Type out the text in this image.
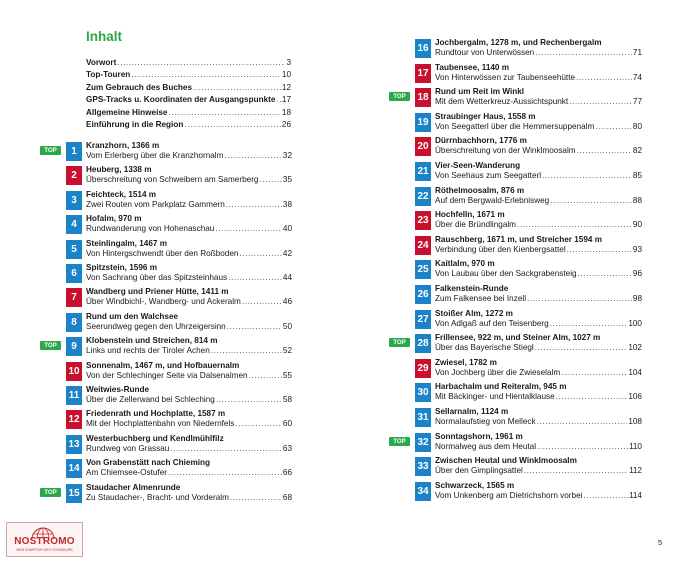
Inhalt
Vorwort .....	3
Top-Touren .....	10
Zum Gebrauch des Buches .....	12
GPS-Tracks u. Koordinaten der Ausgangspunkte ..... 17
Allgemeine Hinweise .....	18
Einführung in die Region .....	26
TOP	1
Kranzhorn, 1366 m
Vom Erlerberg über die Kranzhornalm .....	32
2
Heuberg, 1338 m
Überschreitung von Schweibern am Samerberg .....	35
3
Feichteck, 1514 m
Zwei Routen vom Parkplatz Gammern .....	38
4
Hofalm, 970 m
Rundwanderung von Hohenaschau .....	40
5
Steinlingalm, 1467 m
Von Hintergschwendt über den Roßboden .....	42
6
Spitzstein, 1596 m
Von Sachrang über das Spitzsteinhaus .....	44
7
Wandberg und Priener Hütte, 1411 m
Über Windbichl-, Wandberg- und Ackeralm .....	46
8
Rund um den Walchsee
Seerundweg gegen den Uhrzeigersinn .....	50
TOP	9
Klobenstein und Streichen, 814 m
Links und rechts der Tiroler Achen .....	52
10
Sonnenalm, 1467 m, und Hofbauernalm
Von der Schlechinger Seite via Dalsenalmen .....	55
11
Weitwies-Runde
Über die Zellerwand bei Schleching .....	58
12
Friedenrath und Hochplatte, 1587 m
Mit der Hochplattenbahn von Niedernfels .....	60
13
Westerbuchberg und Kendlmühlfilz
Rundweg von Grassau .....	63
14
Von Grabenstätt nach Chieming
Am Chiemsee-Ostufer .....	66
TOP	15
Staudacher Almenrunde
Zu Staudacher-, Bracht- und Vorderalm .....	68
16
Jochbergalm, 1278 m, und Rechenbergalm
Rundtour von Unterwössen .....	71
17
Taubensee, 1140 m
Von Hinterwössen zur Taubenseehütte .....	74
TOP	18
Rund um Reit im Winkl
Mit dem Wetterkreuz-Aussichtspunkt .....	77
19
Straubinger Haus, 1558 m
Von Seegatterl über die Hemmersuppenalm .....	80
20
Dürrnbachhorn, 1776 m
Überschreitung von der Winklmoosalm .....	82
21
Vier-Seen-Wanderung
Von Seehaus zum Seegatterl .....	85
22
Röthelmoosalm, 876 m
Auf dem Bergwald-Erlebnisweg .....	88
23
Hochfelln, 1671 m
Über die Bründlingalm .....	90
24
Rauschberg, 1671 m, und Streicher 1594 m
Verbindung über den Kienbergsattel .....	93
25
Kaitlalm, 970 m
Von Laubau über den Sackgrabensteig .....	96
26
Falkenstein-Runde
Zum Falkensee bei Inzell .....	98
27
Stoißer Alm, 1272 m
Von Adlgaß auf den Teisenberg .....	100
TOP	28
Frillensee, 922 m, und Steiner Alm, 1027 m
Über das Bayerische Stiegl .....	102
29
Zwiesel, 1782 m
Von Jochberg über die Zwieselalm .....	104
30
Harbachalm und Reiteralm, 945 m
Mit Bäckinger- und Hientalklause .....	106
31
Sellarnalm, 1124 m
Normalaufstieg von Melleck .....	108
TOP	32
Sonntagshorn, 1961 m
Normalweg aus dem Heutal .....	110
33
Zwischen Heutal und Winklmoosalm
Über den Gimplingsattel .....	112
34
Schwarzeck, 1565 m
Vom Unkenberg am Dietrichshorn vorbei .....	114
NOSTROMO
WEB COMPTOIR DES VOYAGEURS
5
